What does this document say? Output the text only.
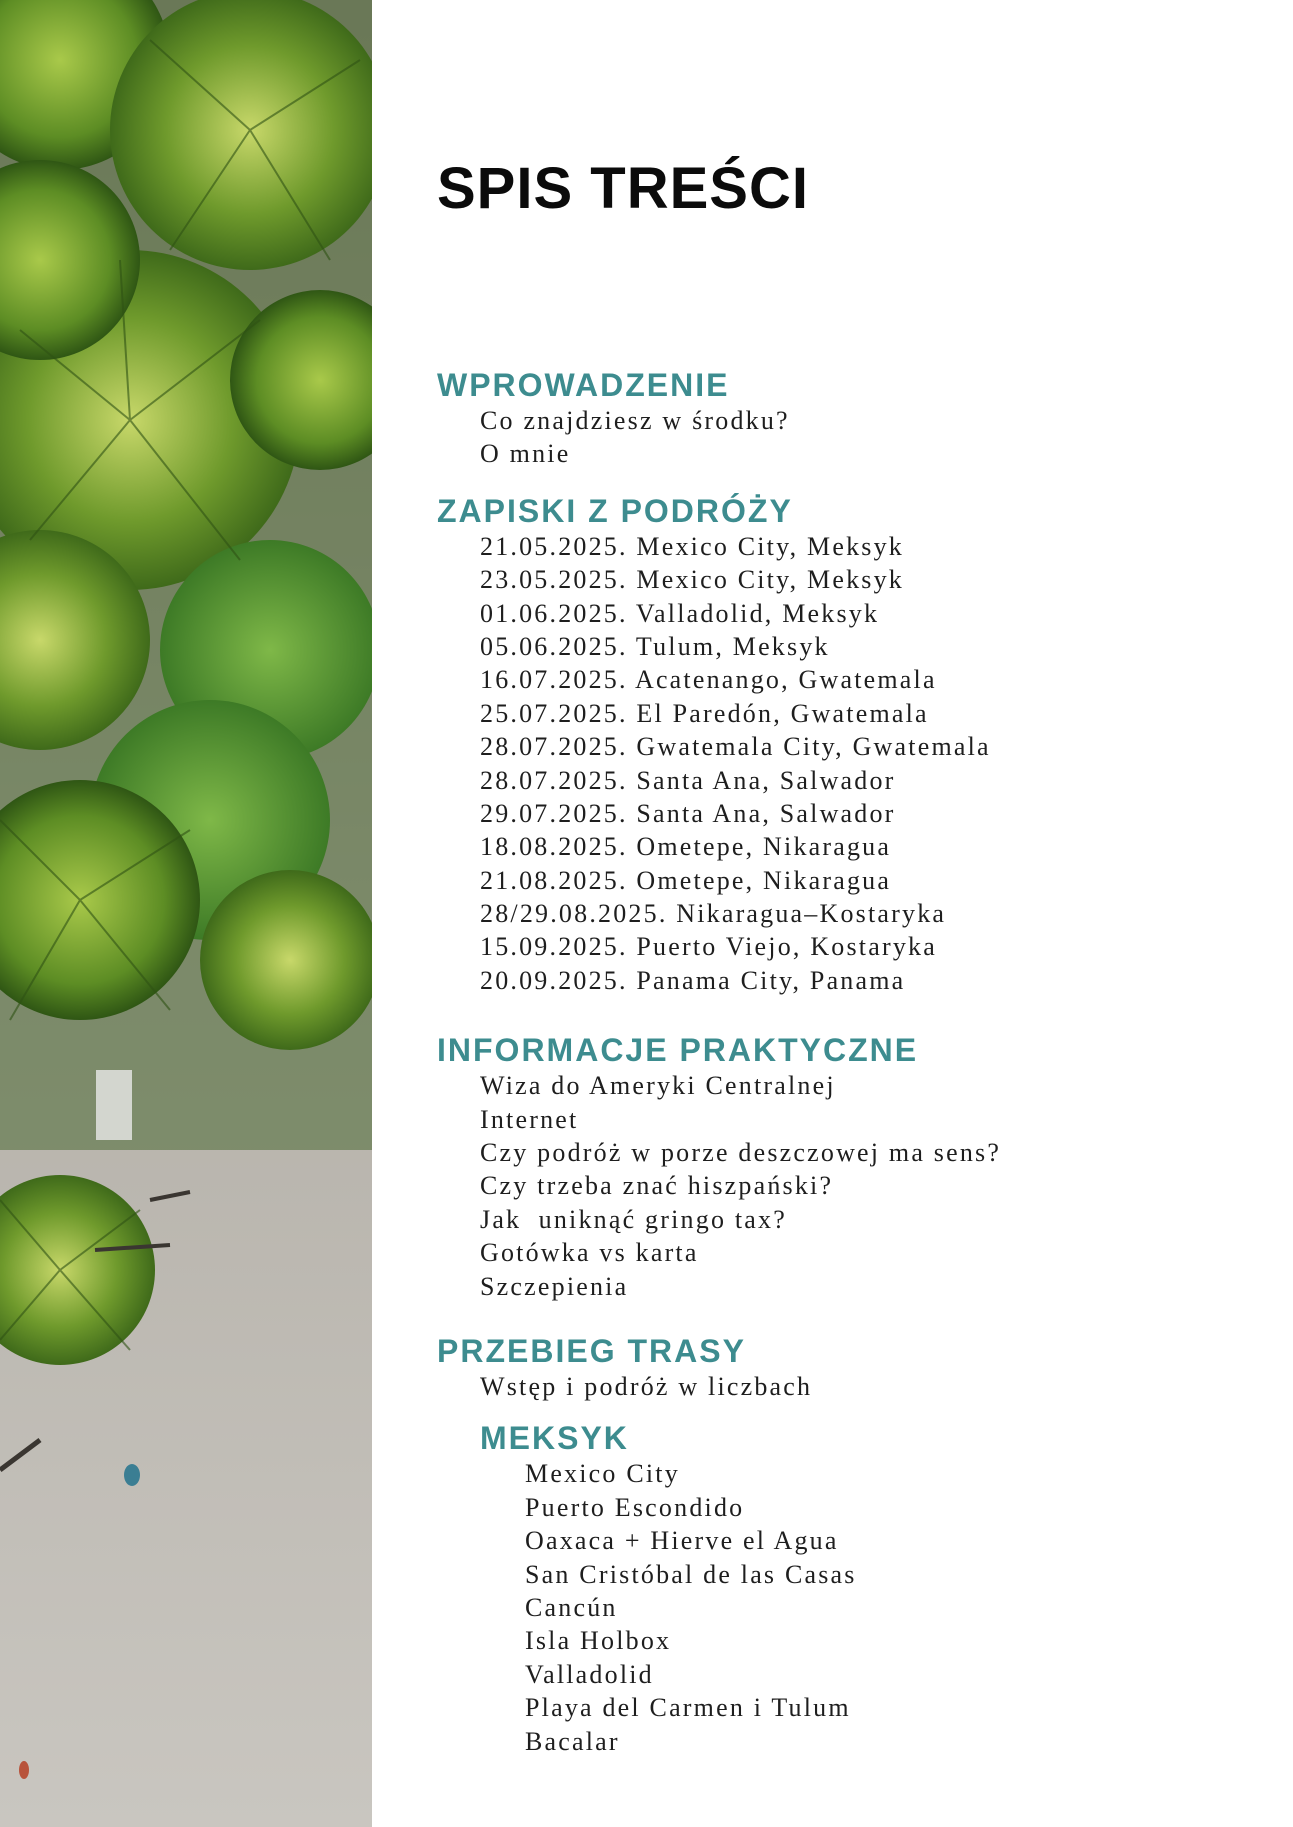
SPIS TREŚCI
WPROWADZENIE
Co znajdziesz w środku?
O mnie
ZAPISKI Z PODRÓŻY
21.05.2025. Mexico City, Meksyk
23.05.2025. Mexico City, Meksyk
01.06.2025. Valladolid, Meksyk
05.06.2025. Tulum, Meksyk
16.07.2025. Acatenango, Gwatemala
25.07.2025. El Paredón, Gwatemala
28.07.2025. Gwatemala City, Gwatemala
28.07.2025. Santa Ana, Salwador
29.07.2025. Santa Ana, Salwador
18.08.2025. Ometepe, Nikaragua
21.08.2025. Ometepe, Nikaragua
28/29.08.2025. Nikaragua–Kostaryka
15.09.2025. Puerto Viejo, Kostaryka
20.09.2025. Panama City, Panama
INFORMACJE PRAKTYCZNE
Wiza do Ameryki Centralnej
Internet
Czy podróż w porze deszczowej ma sens?
Czy trzeba znać hiszpański?
Jak  uniknąć gringo tax?
Gotówka vs karta
Szczepienia
PRZEBIEG TRASY
Wstęp i podróż w liczbach
MEKSYK
Mexico City
Puerto Escondido
Oaxaca + Hierve el Agua
San Cristóbal de las Casas
Cancún
Isla Holbox
Valladolid
Playa del Carmen i Tulum
Bacalar
